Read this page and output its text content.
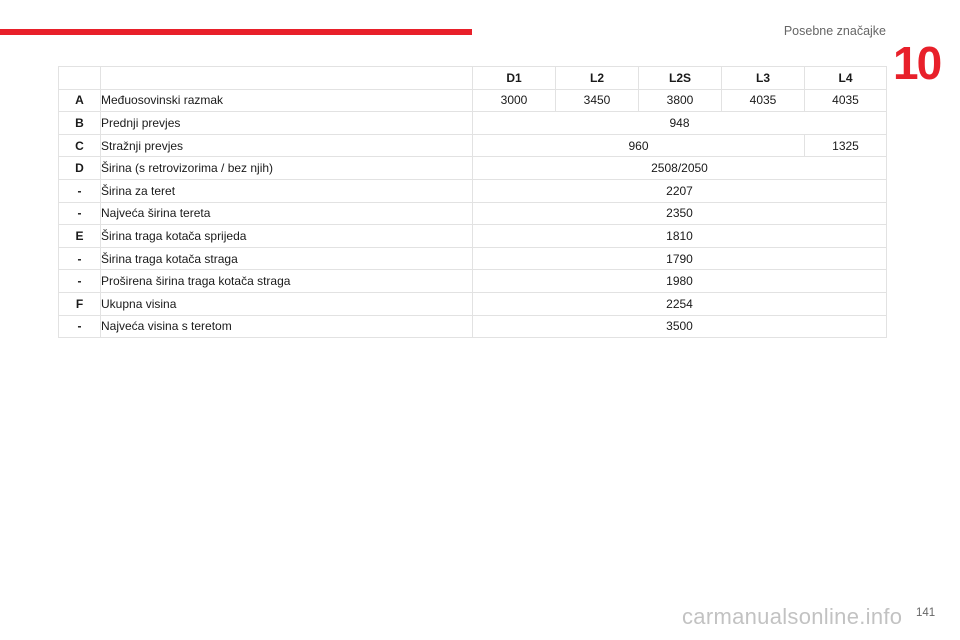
Posebne značajke
10
		D1	L2	L2S	L3	L4
A	Međuosovinski razmak	3000	3450	3800	4035	4035
B	Prednji prevjes	948				
C	Stražnji prevjes	960				1325
D	Širina (s retrovizorima / bez njih)	2508/2050				
-	Širina za teret	2207				
-	Najveća širina tereta	2350				
E	Širina traga kotača sprijeda	1810				
-	Širina traga kotača straga	1790				
-	Proširena širina traga kotača straga	1980				
F	Ukupna visina	2254				
-	Najveća visina s teretom	3500				
carmanualsonline.info 141
